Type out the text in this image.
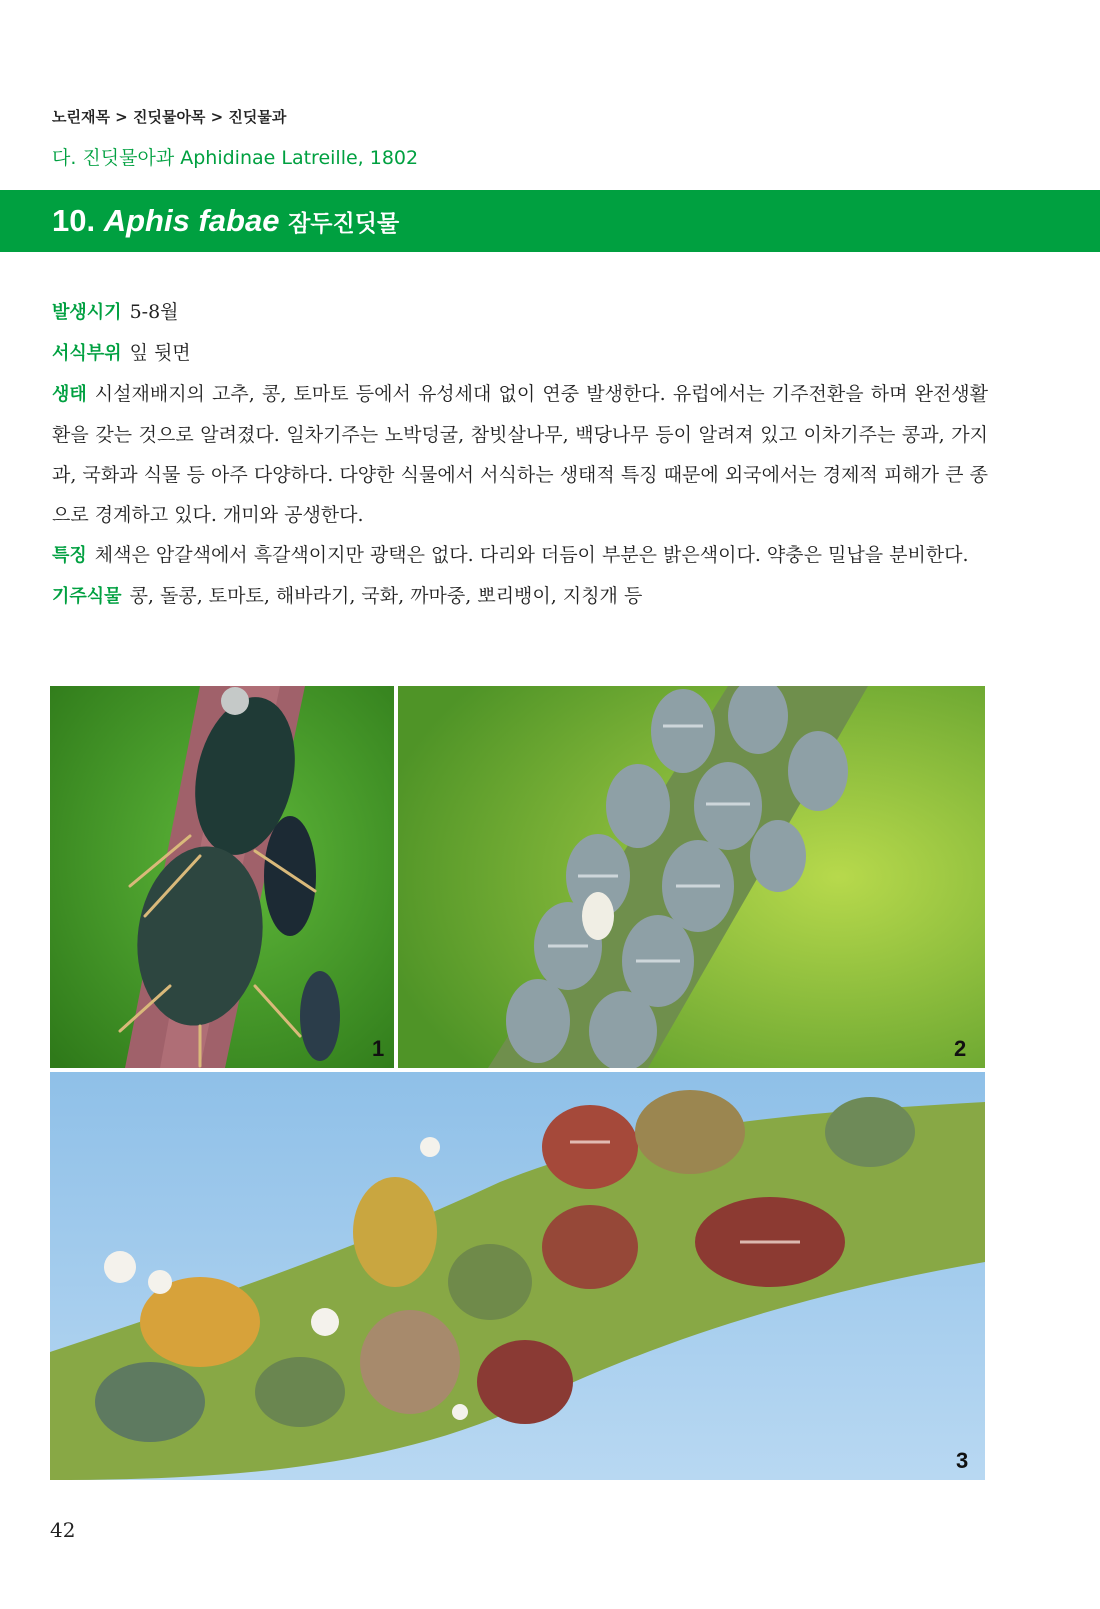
노린재목 > 진딧물아목 > 진딧물과
다. 진딧물아과 Aphidinae Latreille, 1802
10. Aphis fabae 잠두진딧물

발생시기 5-8월

서식부위 잎 뒷면

생태 시설재배지의 고추, 콩, 토마토 등에서 유성세대 없이 연중 발생한다. 유럽에서는 기주전환을 하며 완전생활환을 갖는 것으로 알려졌다. 일차기주는 노박덩굴, 참빗살나무, 백당나무 등이 알려져 있고 이차기주는 콩과, 가지과, 국화과 식물 등 아주 다양하다. 다양한 식물에서 서식하는 생태적 특징 때문에 외국에서는 경제적 피해가 큰 종으로 경계하고 있다. 개미와 공생한다.

특징 체색은 암갈색에서 흑갈색이지만 광택은 없다. 다리와 더듬이 부분은 밝은색이다. 약충은 밀납을 분비한다.

기주식물 콩, 돌콩, 토마토, 해바라기, 국화, 까마중, 뽀리뱅이, 지칭개 등

1	2
3
42
